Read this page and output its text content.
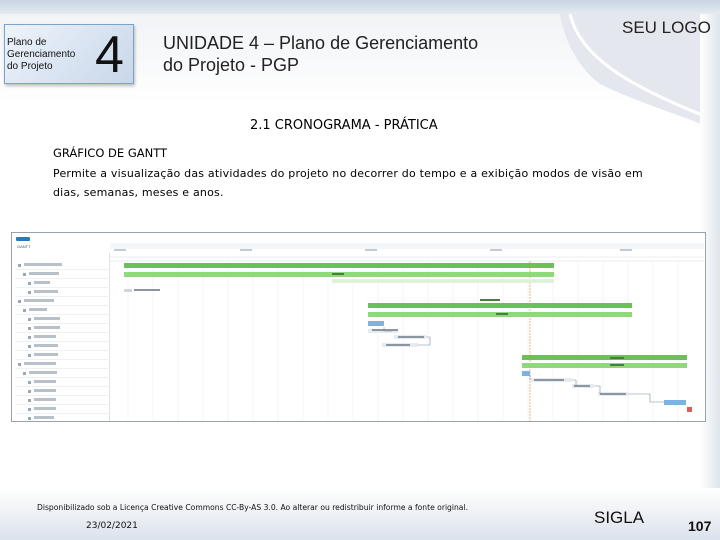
Plano de Gerenciamento do Projeto 4 UNIDADE 4 – Plano de Gerenciamento do Projeto - PGP
SEU LOGO
2.1 CRONOGRAMA - PRÁTICA
GRÁFICO DE GANTT
Permite a visualização das atividades do projeto no decorrer do tempo e a exibição modos de visão em dias, semanas, meses e anos.
GANTT
Disponibilizado sob a Licença Creative Commons CC-By-AS 3.0. Ao alterar ou redistribuir informe a fonte original.
23/02/2021	SIGLA	107
